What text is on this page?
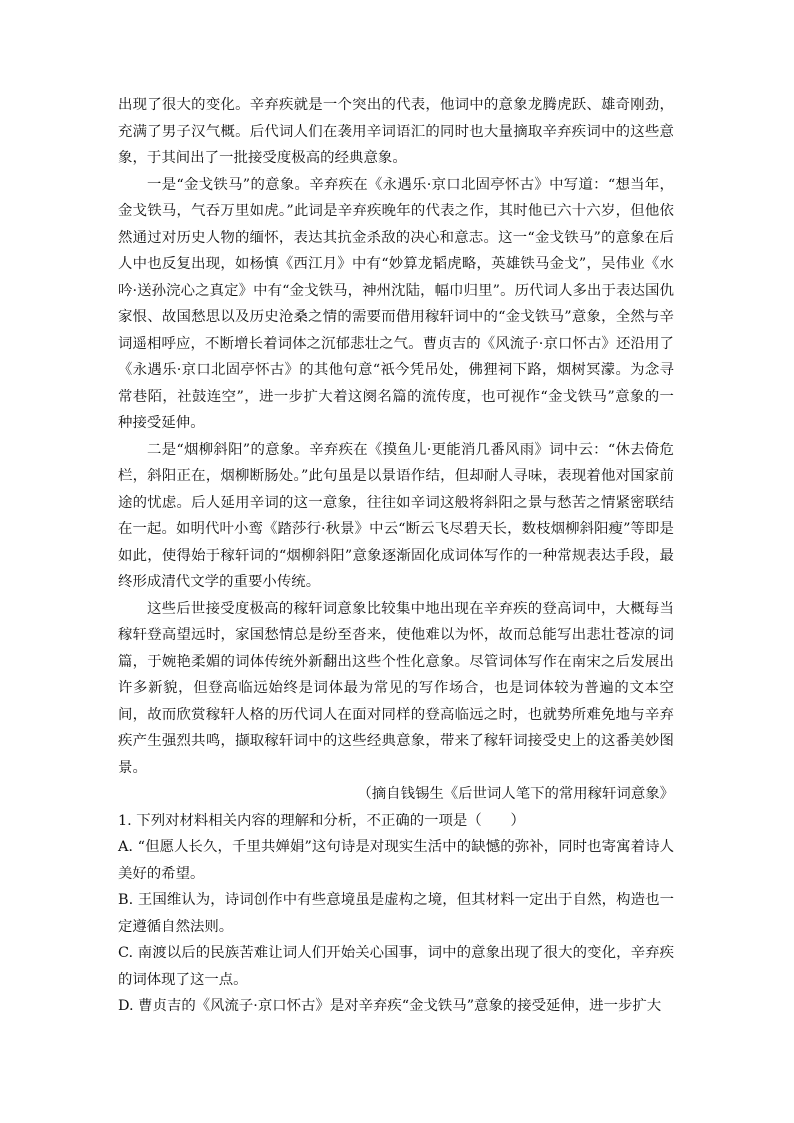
出现了很大的变化。辛弃疾就是一个突出的代表，他词中的意象龙腾虎跃、雄奇刚劲，充满了男子汉气概。后代词人们在袭用辛词语汇的同时也大量摘取辛弃疾词中的这些意象，于其间出了一批接受度极高的经典意象。

一是“金戈铁马”的意象。辛弃疾在《永遇乐·京口北固亭怀古》中写道：“想当年，金戈铁马，气吞万里如虎。”此词是辛弃疾晚年的代表之作，其时他已六十六岁，但他依然通过对历史人物的缅怀，表达其抗金杀敌的决心和意志。这一“金戈铁马”的意象在后人中也反复出现，如杨慎《西江月》中有“妙算龙韬虎略，英雄铁马金戈”，吴伟业《水吟·送孙浣心之真定》中有“金戈铁马，神州沈陆，幅巾归里”。历代词人多出于表达国仇家恨、故国愁思以及历史沧桑之情的需要而借用稼轩词中的“金戈铁马”意象，全然与辛词遥相呼应，不断增长着词体之沉郁悲壮之气。曹贞吉的《风流子·京口怀古》还沿用了《永遇乐·京口北固亭怀古》的其他句意“祇今凭吊处，佛狸祠下路，烟树冥濛。为念寻常巷陌，社鼓连空”，进一步扩大着这阕名篇的流传度，也可视作“金戈铁马”意象的一种接受延伸。

二是“烟柳斜阳”的意象。辛弃疾在《摸鱼儿·更能消几番风雨》词中云：“休去倚危栏，斜阳正在，烟柳断肠处。”此句虽是以景语作结，但却耐人寻味，表现着他对国家前途的忧虑。后人延用辛词的这一意象，往往如辛词这般将斜阳之景与愁苦之情紧密联结在一起。如明代叶小鸾《踏莎行·秋景》中云“断云飞尽碧天长，数枝烟柳斜阳瘦”等即是如此，使得始于稼轩词的“烟柳斜阳”意象逐渐固化成词体写作的一种常规表达手段，最终形成清代文学的重要小传统。

这些后世接受度极高的稼轩词意象比较集中地出现在辛弃疾的登高词中，大概每当稼轩登高望远时，家国愁情总是纷至沓来，使他难以为怀，故而总能写出悲壮苍凉的词篇，于婉艳柔媚的词体传统外新翻出这些个性化意象。尽管词体写作在南宋之后发展出许多新貌，但登高临远始终是词体最为常见的写作场合，也是词体较为普遍的文本空间，故而欣赏稼轩人格的历代词人在面对同样的登高临远之时，也就势所难免地与辛弃疾产生强烈共鸣，撷取稼轩词中的这些经典意象，带来了稼轩词接受史上的这番美妙图景。

（摘自钱锡生《后世词人笔下的常用稼轩词意象》

1. 下列对材料相关内容的理解和分析，不正确的一项是（　　）

A. “但愿人长久，千里共婵娟”这句诗是对现实生活中的缺憾的弥补，同时也寄寓着诗人美好的希望。

B. 王国维认为，诗词创作中有些意境虽是虚构之境，但其材料一定出于自然，构造也一定遵循自然法则。

C. 南渡以后的民族苦难让词人们开始关心国事，词中的意象出现了很大的变化，辛弃疾的词体现了这一点。

D. 曹贞吉的《风流子·京口怀古》是对辛弃疾“金戈铁马”意象的接受延伸，进一步扩大
